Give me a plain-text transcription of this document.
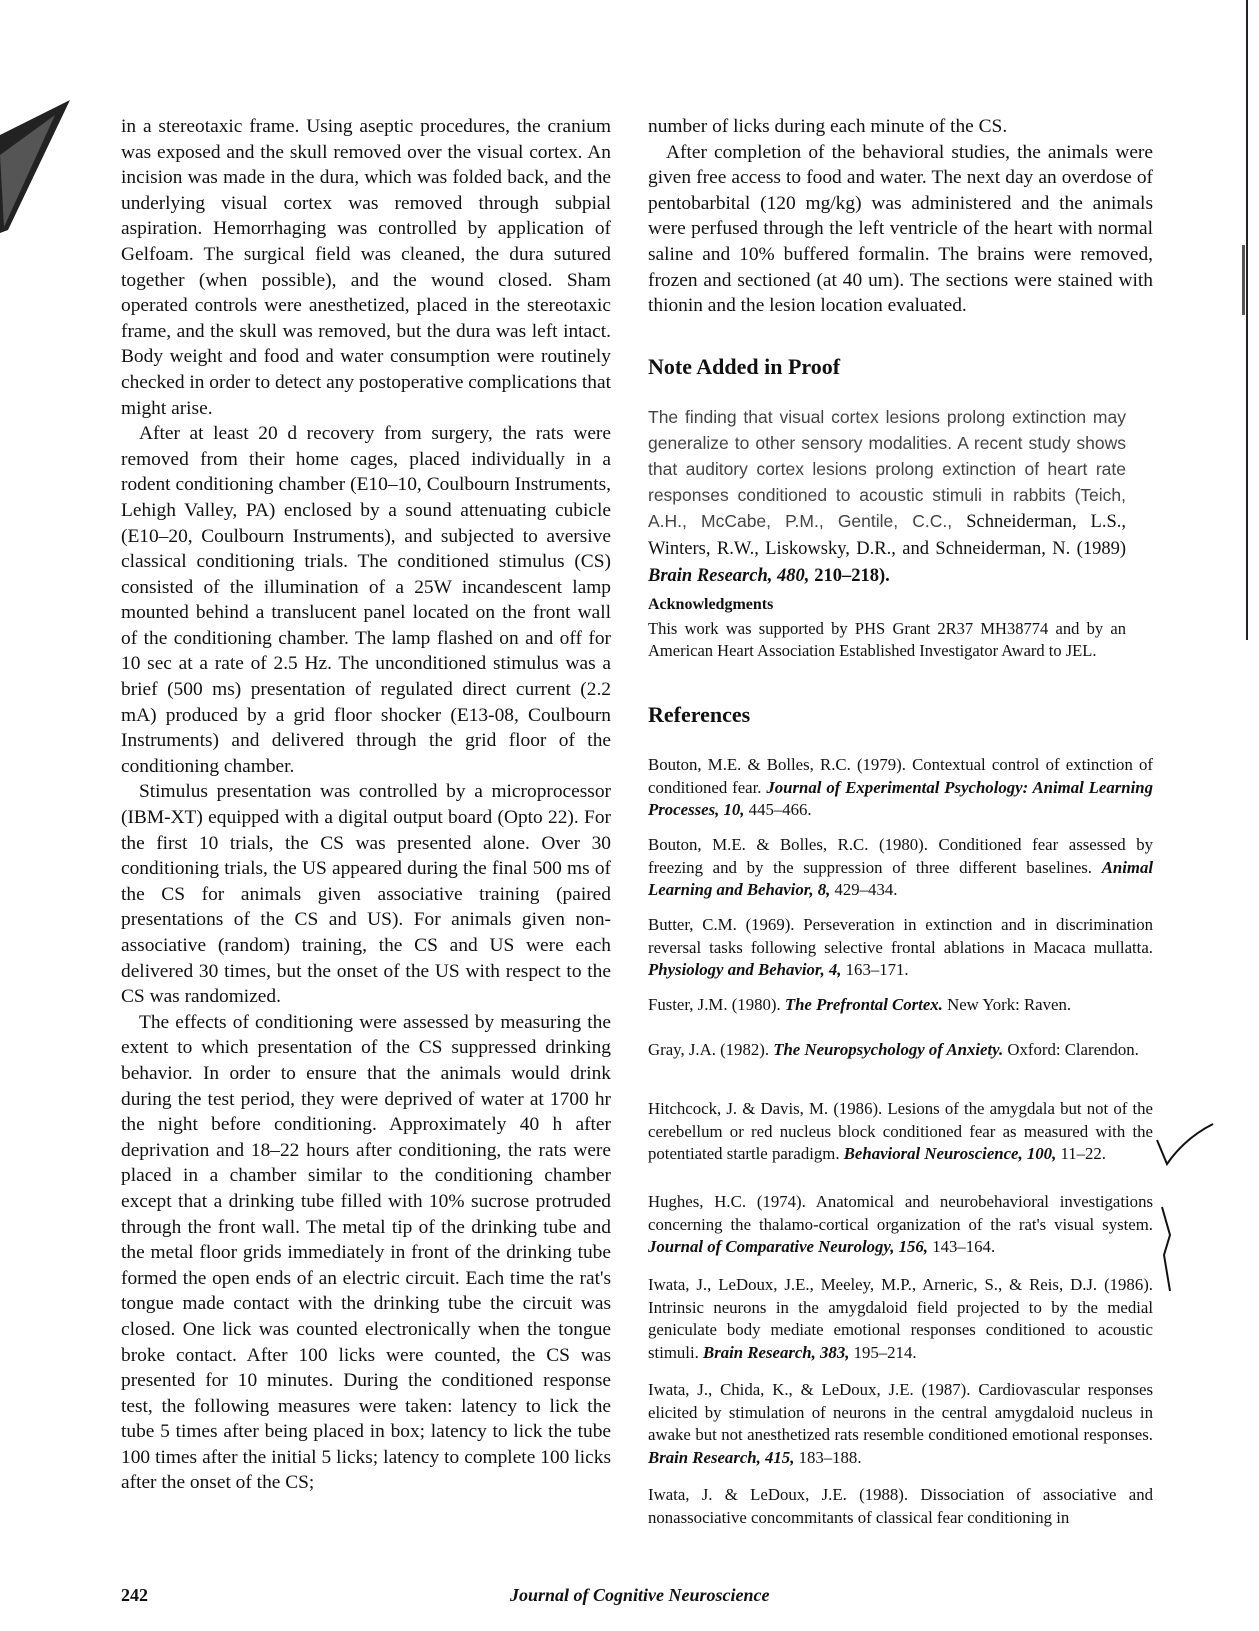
in a stereotaxic frame. Using aseptic procedures, the cranium was exposed and the skull removed over the visual cortex. An incision was made in the dura, which was folded back, and the underlying visual cortex was removed through subpial aspiration. Hemorrhaging was controlled by application of Gelfoam. The surgical field was cleaned, the dura sutured together (when possible), and the wound closed. Sham operated controls were anesthetized, placed in the stereotaxic frame, and the skull was removed, but the dura was left intact. Body weight and food and water consumption were routinely checked in order to detect any postoperative complications that might arise.

After at least 20 d recovery from surgery, the rats were removed from their home cages, placed individually in a rodent conditioning chamber (E10–10, Coulbourn Instruments, Lehigh Valley, PA) enclosed by a sound attenuating cubicle (E10–20, Coulbourn Instruments), and subjected to aversive classical conditioning trials. The conditioned stimulus (CS) consisted of the illumination of a 25W incandescent lamp mounted behind a translucent panel located on the front wall of the conditioning chamber. The lamp flashed on and off for 10 sec at a rate of 2.5 Hz. The unconditioned stimulus was a brief (500 ms) presentation of regulated direct current (2.2 mA) produced by a grid floor shocker (E13-08, Coulbourn Instruments) and delivered through the grid floor of the conditioning chamber.

Stimulus presentation was controlled by a microprocessor (IBM-XT) equipped with a digital output board (Opto 22). For the first 10 trials, the CS was presented alone. Over 30 conditioning trials, the US appeared during the final 500 ms of the CS for animals given associative training (paired presentations of the CS and US). For animals given non-associative (random) training, the CS and US were each delivered 30 times, but the onset of the US with respect to the CS was randomized.

The effects of conditioning were assessed by measuring the extent to which presentation of the CS suppressed drinking behavior. In order to ensure that the animals would drink during the test period, they were deprived of water at 1700 hr the night before conditioning. Approximately 40 h after deprivation and 18–22 hours after conditioning, the rats were placed in a chamber similar to the conditioning chamber except that a drinking tube filled with 10% sucrose protruded through the front wall. The metal tip of the drinking tube and the metal floor grids immediately in front of the drinking tube formed the open ends of an electric circuit. Each time the rat's tongue made contact with the drinking tube the circuit was closed. One lick was counted electronically when the tongue broke contact. After 100 licks were counted, the CS was presented for 10 minutes. During the conditioned response test, the following measures were taken: latency to lick the tube 5 times after being placed in box; latency to lick the tube 100 times after the initial 5 licks; latency to complete 100 licks after the onset of the CS;

number of licks during each minute of the CS.

After completion of the behavioral studies, the animals were given free access to food and water. The next day an overdose of pentobarbital (120 mg/kg) was administered and the animals were perfused through the left ventricle of the heart with normal saline and 10% buffered formalin. The brains were removed, frozen and sectioned (at 40 um). The sections were stained with thionin and the lesion location evaluated.

Note Added in Proof

The finding that visual cortex lesions prolong extinction may generalize to other sensory modalities. A recent study shows that auditory cortex lesions prolong extinction of heart rate responses conditioned to acoustic stimuli in rabbits (Teich, A.H., McCabe, P.M., Gentile, C.C., Schneiderman, L.S., Winters, R.W., Liskowsky, D.R., and Schneiderman, N. (1989) Brain Research, 480, 210–218).

Acknowledgments

This work was supported by PHS Grant 2R37 MH38774 and by an American Heart Association Established Investigator Award to JEL.

References

Bouton, M.E. & Bolles, R.C. (1979). Contextual control of extinction of conditioned fear. Journal of Experimental Psychology: Animal Learning Processes, 10, 445–466.

Bouton, M.E. & Bolles, R.C. (1980). Conditioned fear assessed by freezing and by the suppression of three different baselines. Animal Learning and Behavior, 8, 429–434.

Butter, C.M. (1969). Perseveration in extinction and in discrimination reversal tasks following selective frontal ablations in Macaca mullatta. Physiology and Behavior, 4, 163–171.

Fuster, J.M. (1980). The Prefrontal Cortex. New York: Raven.

Gray, J.A. (1982). The Neuropsychology of Anxiety. Oxford: Clarendon.

Hitchcock, J. & Davis, M. (1986). Lesions of the amygdala but not of the cerebellum or red nucleus block conditioned fear as measured with the potentiated startle paradigm. Behavioral Neuroscience, 100, 11–22.

Hughes, H.C. (1974). Anatomical and neurobehavioral investigations concerning the thalamo-cortical organization of the rat's visual system. Journal of Comparative Neurology, 156, 143–164.

Iwata, J., LeDoux, J.E., Meeley, M.P., Arneric, S., & Reis, D.J. (1986). Intrinsic neurons in the amygdaloid field projected to by the medial geniculate body mediate emotional responses conditioned to acoustic stimuli. Brain Research, 383, 195–214.

Iwata, J., Chida, K., & LeDoux, J.E. (1987). Cardiovascular responses elicited by stimulation of neurons in the central amygdaloid nucleus in awake but not anesthetized rats resemble conditioned emotional responses. Brain Research, 415, 183–188.

Iwata, J. & LeDoux, J.E. (1988). Dissociation of associative and nonassociative concommitants of classical fear conditioning in

242	Journal of Cognitive Neuroscience
